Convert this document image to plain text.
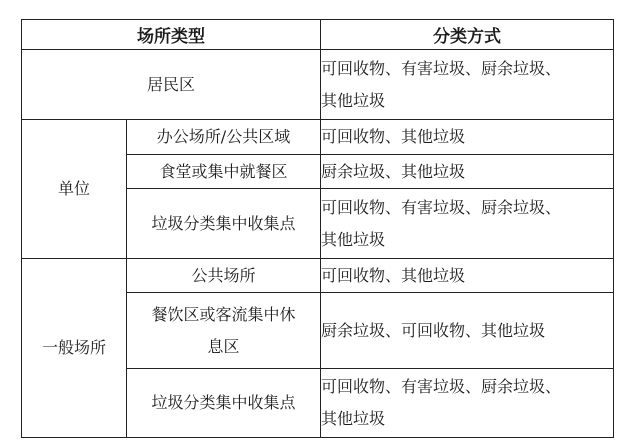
场所类型		分类方式
居民区		可回收物、有害垃圾、厨余垃圾、
其他垃圾

单位	办公场所/公共区域	可回收物、其他垃圾
	食堂或集中就餐区	厨余垃圾、其他垃圾
	垃圾分类集中收集点	可回收物、有害垃圾、厨余垃圾、
其他垃圾

一般场所	公共场所	可回收物、其他垃圾

	餐饮区或客流集中休
息区	厨余垃圾、可回收物、其他垃圾
	垃圾分类集中收集点	可回收物、有害垃圾、厨余垃圾、
其他垃圾
